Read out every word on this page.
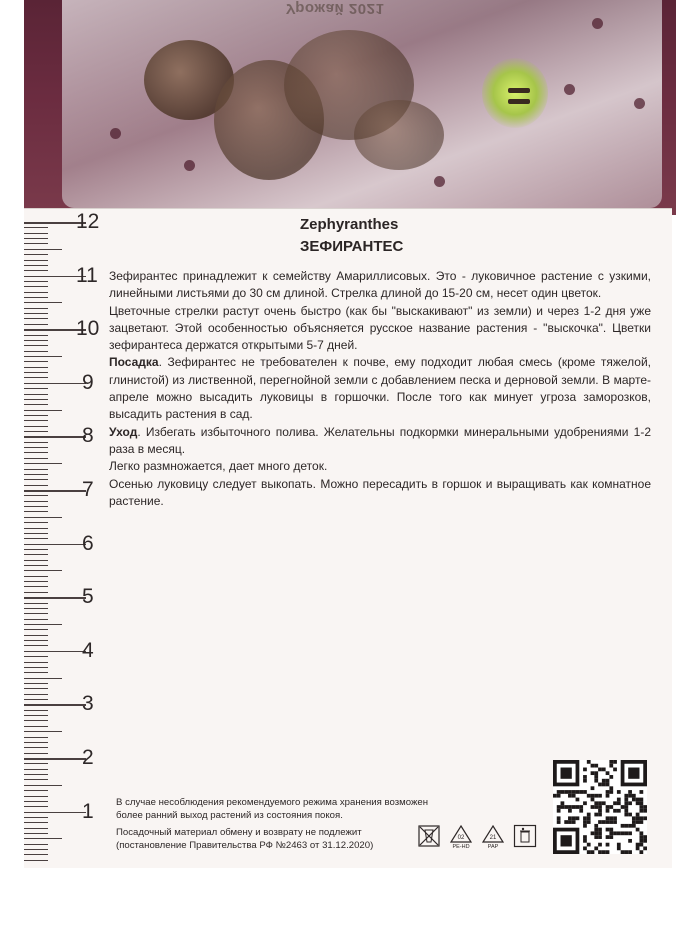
Урожай 2021
12
11
10
9
8
7
6
5
4
3
2
1
Zephyranthes
ЗЕФИРАНТЕС

Зефирантес принадлежит к семейству Амариллисовых. Это - луковичное растение с узкими, линейными листьями до 30 см длиной. Стрелка длиной до 15-20 см, несет один цветок.

Цветочные стрелки растут очень быстро (как бы "выскакивают" из земли) и через 1-2 дня уже зацветают. Этой особенностью объясняется русское название растения - "выскочка". Цветки зефирантеса держатся открытыми 5-7 дней.

Посадка. Зефирантес не требователен к почве, ему подходит любая смесь (кроме тяжелой, глинистой) из лиственной, перегнойной земли с добавлением песка и дерновой земли. В марте-апреле можно высадить луковицы в горшочки. После того как минует угроза заморозков, высадить растения в сад.

Уход. Избегать избыточного полива. Желательны подкормки минеральными удобрениями 1-2 раза в месяц.

Легко размножается, дает много деток.

Осенью луковицу следует выкопать. Можно пересадить в горшок и выращивать как комнатное растение.

В случае несоблюдения рекомендуемого режима хранения возможен более ранний выход растений из состояния покоя.
Посадочный материал обмену и возврату не подлежит (постановление Правительства РФ №2463 от 31.12.2020)
02
PE-HD
21
PAP
